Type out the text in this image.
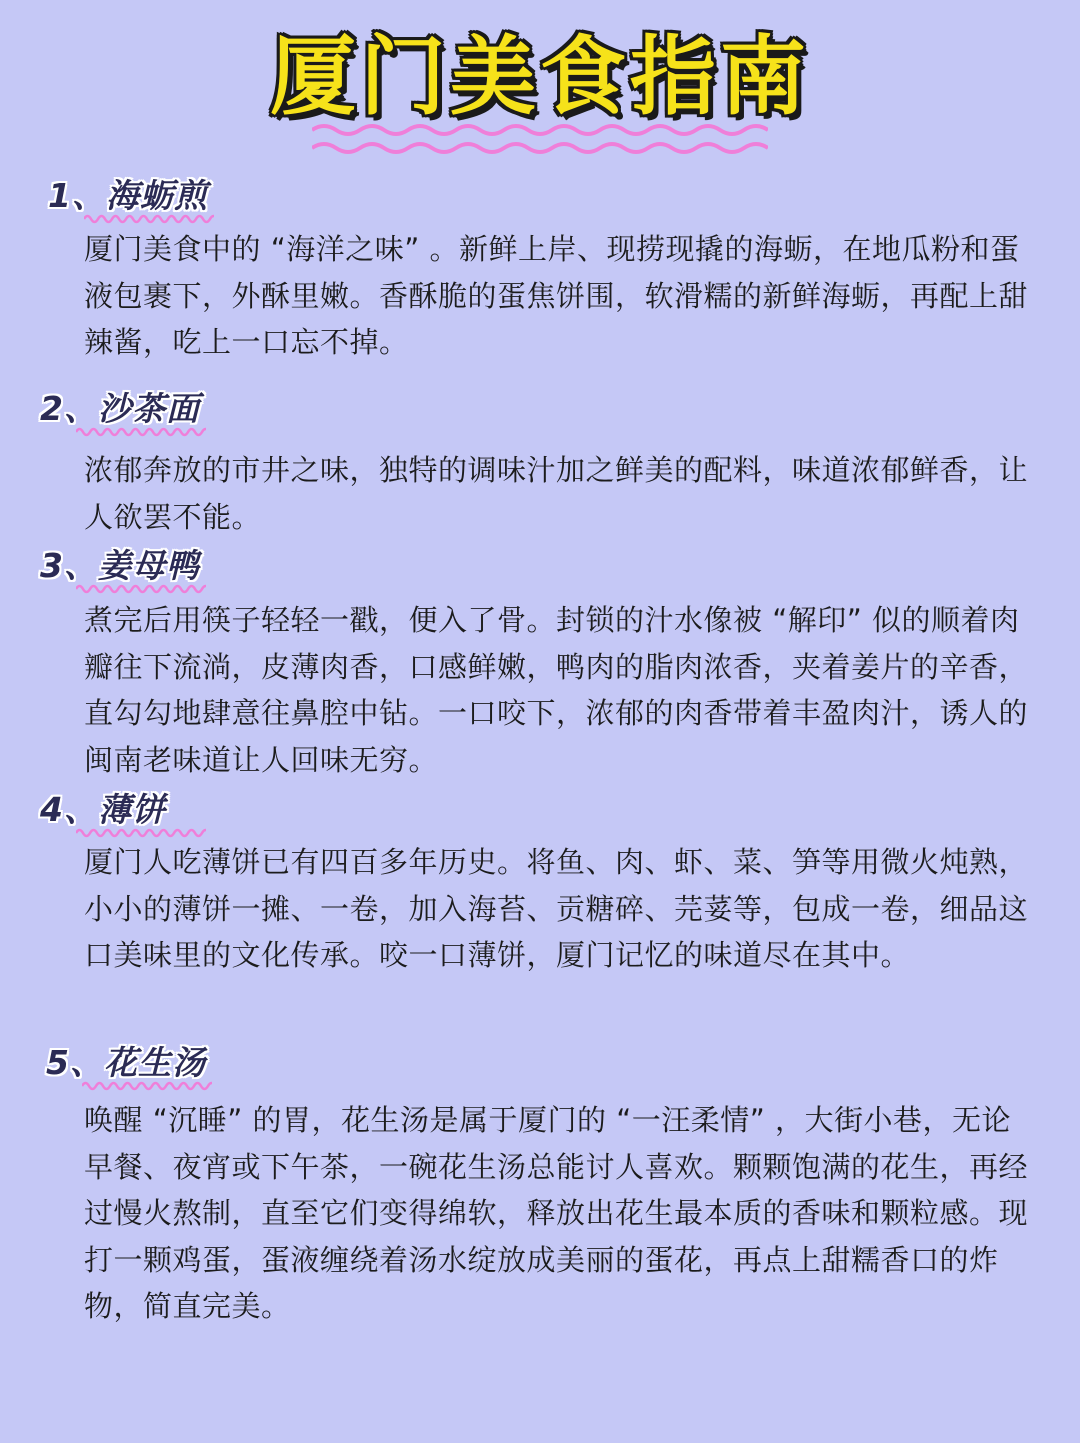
厦门美食指南
1、海蛎煎

厦门美食中的 “海洋之味” 。新鲜上岸、现捞现撬的海蛎，在地瓜粉和蛋液包裹下，外酥里嫩。香酥脆的蛋焦饼围，软滑糯的新鲜海蛎，再配上甜辣酱，吃上一口忘不掉。

2、沙茶面

浓郁奔放的市井之味，独特的调味汁加之鲜美的配料，味道浓郁鲜香，让人欲罢不能。

3、姜母鸭

煮完后用筷子轻轻一戳，便入了骨。封锁的汁水像被 “解印” 似的顺着肉瓣往下流淌，皮薄肉香，口感鲜嫩，鸭肉的脂肉浓香，夹着姜片的辛香，直勾勾地肆意往鼻腔中钻。一口咬下，浓郁的肉香带着丰盈肉汁，诱人的闽南老味道让人回味无穷。

4、薄饼

厦门人吃薄饼已有四百多年历史。将鱼、肉、虾、菜、笋等用微火炖熟，小小的薄饼一摊、一卷，加入海苔、贡糖碎、芫荽等，包成一卷，细品这口美味里的文化传承。咬一口薄饼，厦门记忆的味道尽在其中。

5、花生汤

唤醒 “沉睡” 的胃，花生汤是属于厦门的 “一汪柔情” ，大街小巷，无论早餐、夜宵或下午茶，一碗花生汤总能讨人喜欢。颗颗饱满的花生，再经过慢火熬制，直至它们变得绵软，释放出花生最本质的香味和颗粒感。现打一颗鸡蛋，蛋液缠绕着汤水绽放成美丽的蛋花，再点上甜糯香口的炸物，简直完美。
